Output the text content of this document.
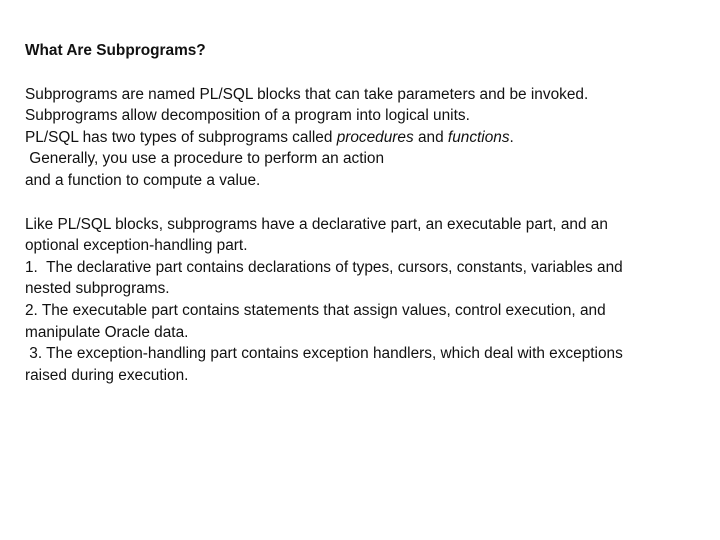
What Are Subprograms?
Subprograms are named PL/SQL blocks that can take parameters and be invoked.
Subprograms allow decomposition of a program into logical units.
PL/SQL has two types of subprograms called procedures and functions.
Generally, you use a procedure to perform an action
and a function to compute a value.
Like PL/SQL blocks, subprograms have a declarative part, an executable part, and an
optional exception-handling part.
1.  The declarative part contains declarations of types, cursors, constants, variables and
nested subprograms.
2. The executable part contains statements that assign values, control execution, and
manipulate Oracle data.
3. The exception-handling part contains exception handlers, which deal with exceptions
raised during execution.
